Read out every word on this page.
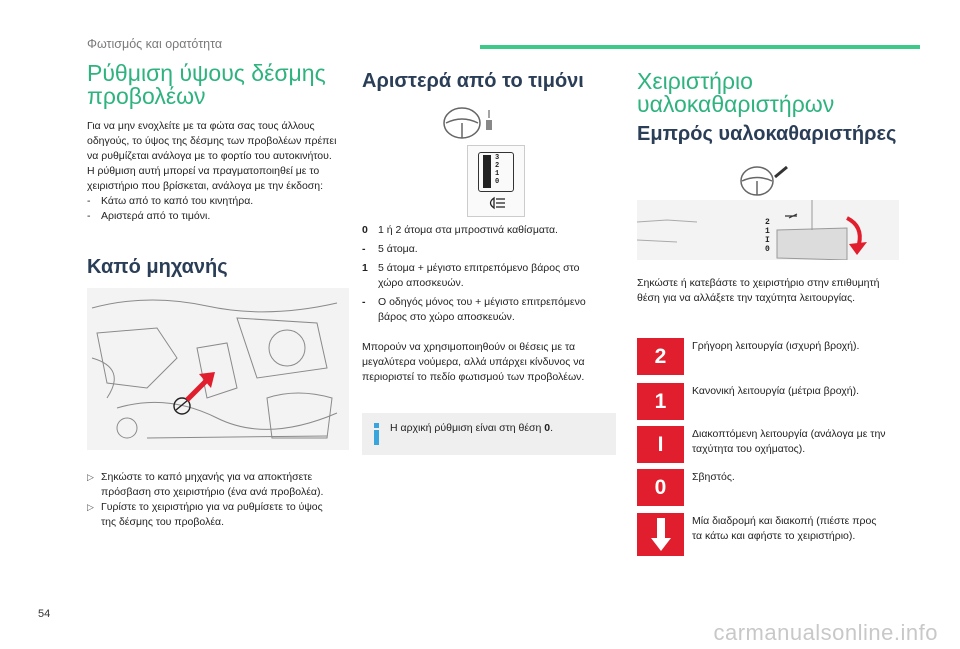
Φωτισμός και ορατότητα
Ρύθμιση ύψους δέσμης
προβολέων

Για να μην ενοχλείτε με τα φώτα σας τους άλλους
οδηγούς, το ύψος της δέσμης των προβολέων πρέπει
να ρυθμίζεται ανάλογα με το φορτίο του αυτοκινήτου.
Η ρύθμιση αυτή μπορεί να πραγματοποιηθεί με το
χειριστήριο που βρίσκεται, ανάλογα με την έκδοση:

-	Κάτω από το καπό του κινητήρα.
-	Αριστερά από το τιμόνι.
Καπό μηχανής
▷ Σηκώστε το καπό μηχανής για να αποκτήσετε
πρόσβαση στο χειριστήριο (ένα ανά προβολέα).
▷ Γυρίστε το χειριστήριο για να ρυθμίσετε το ύψος
της δέσμης του προβολέα.
Αριστερά από το τιμόνι
3
2
1
0
0 1 ή 2 άτομα στα μπροστινά καθίσματα.
-	5 άτομα.
1 5 άτομα + μέγιστο επιτρεπόμενο βάρος στο
χώρο αποσκευών.
-	Ο οδηγός μόνος του + μέγιστο επιτρεπόμενο
βάρος στο χώρο αποσκευών.

Μπορούν να χρησιμοποιηθούν οι θέσεις με τα
μεγαλύτερα νούμερα, αλλά υπάρχει κίνδυνος να
περιοριστεί το πεδίο φωτισμού των προβολέων.

Η αρχική ρύθμιση είναι στη θέση 0.
Χειριστήριο
υαλοκαθαριστήρων
Εμπρός υαλοκαθαριστήρες
2
1
I
0

Σηκώστε ή κατεβάστε το χειριστήριο στην επιθυμητή
θέση για να αλλάξετε την ταχύτητα λειτουργίας.

2	Γρήγορη λειτουργία (ισχυρή βροχή).
1	Κανονική λειτουργία (μέτρια βροχή).
I	Διακοπτόμενη λειτουργία (ανάλογα με την
ταχύτητα του οχήματος).
0	Σβηστός.
Μία διαδρομή και διακοπή (πιέστε προς
τα κάτω και αφήστε το χειριστήριο).
54
carmanualsonline.info
